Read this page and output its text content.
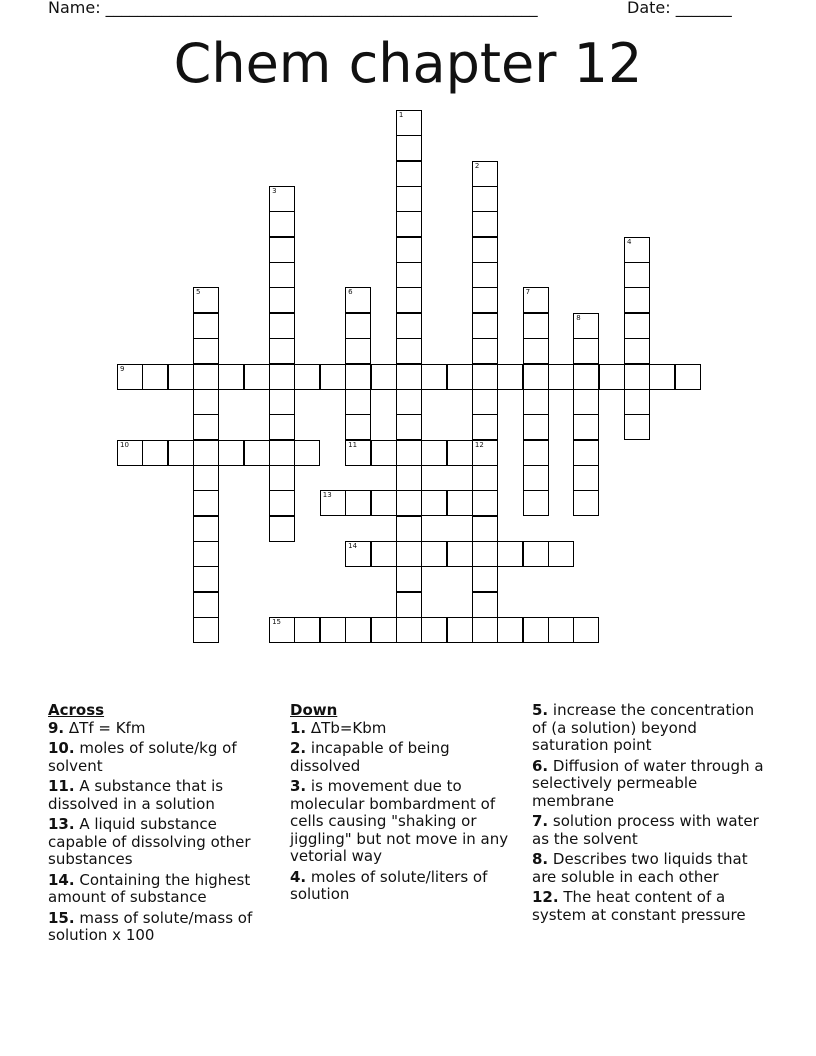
Name: ______________________________________________________	Date: _______
Chem chapter 12
1
2
12
3
4
5	6	7
8
9
10	11
13
14
15
Across
9. ΔTf = Kfm
10. moles of solute/kg of solvent
11. A substance that is dissolved in a solution
13. A liquid substance capable of dissolving other substances
14. Containing the highest amount of substance
15. mass of solute/mass of solution x 100
Down
1. ΔTb=Kbm
2. incapable of being dissolved
3. is movement due to molecular bombardment of cells causing "shaking or jiggling" but not move in any vetorial way
4. moles of solute/liters of solution
5. increase the concentration of (a solution) beyond saturation point
6. Diffusion of water through a selectively permeable membrane
7. solution process with water as the solvent
8. Describes two liquids that are soluble in each other
12. The heat content of a system at constant pressure
